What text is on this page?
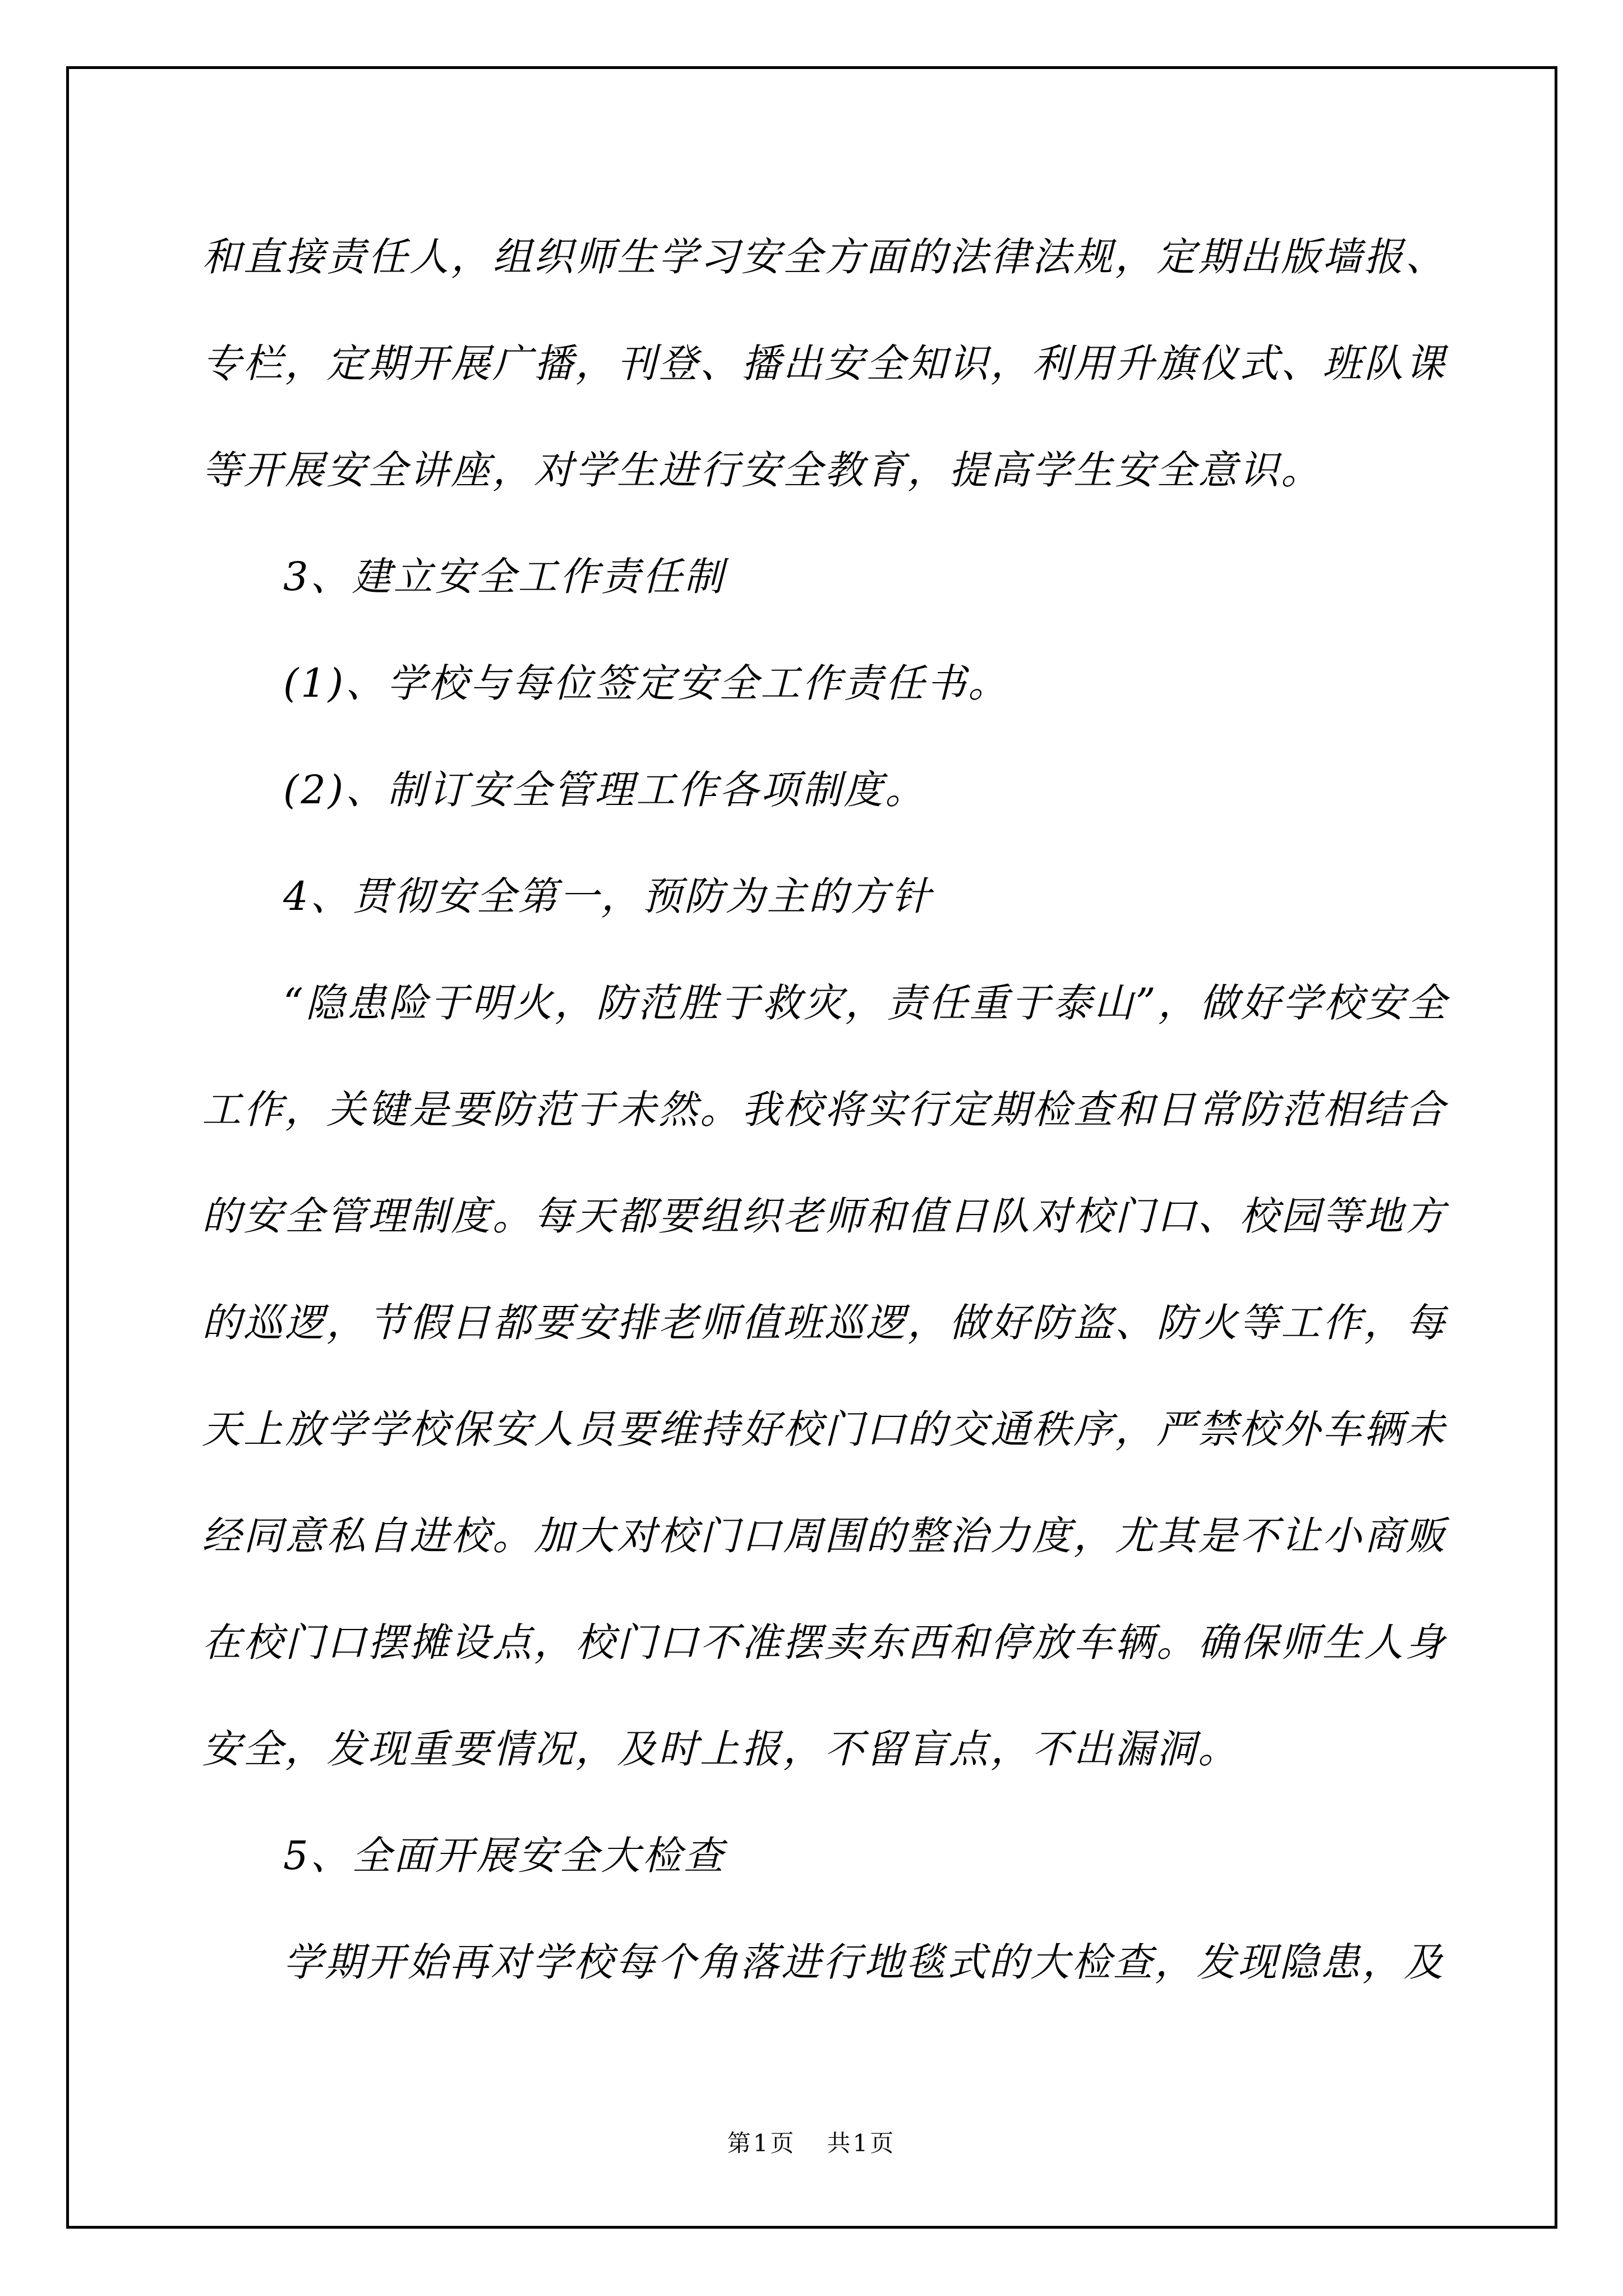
和直接责任人，组织师生学习安全方面的法律法规，定期出版墙报、
专栏，定期开展广播，刊登、播出安全知识，利用升旗仪式、班队课
等开展安全讲座，对学生进行安全教育，提高学生安全意识。
3、建立安全工作责任制
(1)、学校与每位签定安全工作责任书。
(2)、制订安全管理工作各项制度。
4、贯彻安全第一，预防为主的方针
“隐患险于明火，防范胜于救灾，责任重于泰山”，做好学校安全
工作，关键是要防范于未然。我校将实行定期检查和日常防范相结合
的安全管理制度。每天都要组织老师和值日队对校门口、校园等地方
的巡逻，节假日都要安排老师值班巡逻，做好防盗、防火等工作，每
天上放学学校保安人员要维持好校门口的交通秩序，严禁校外车辆未
经同意私自进校。加大对校门口周围的整治力度，尤其是不让小商贩
在校门口摆摊设点，校门口不准摆卖东西和停放车辆。确保师生人身
安全，发现重要情况，及时上报，不留盲点，不出漏洞。
5、全面开展安全大检查
学期开始再对学校每个角落进行地毯式的大检查，发现隐患，及
第1页 共1页
